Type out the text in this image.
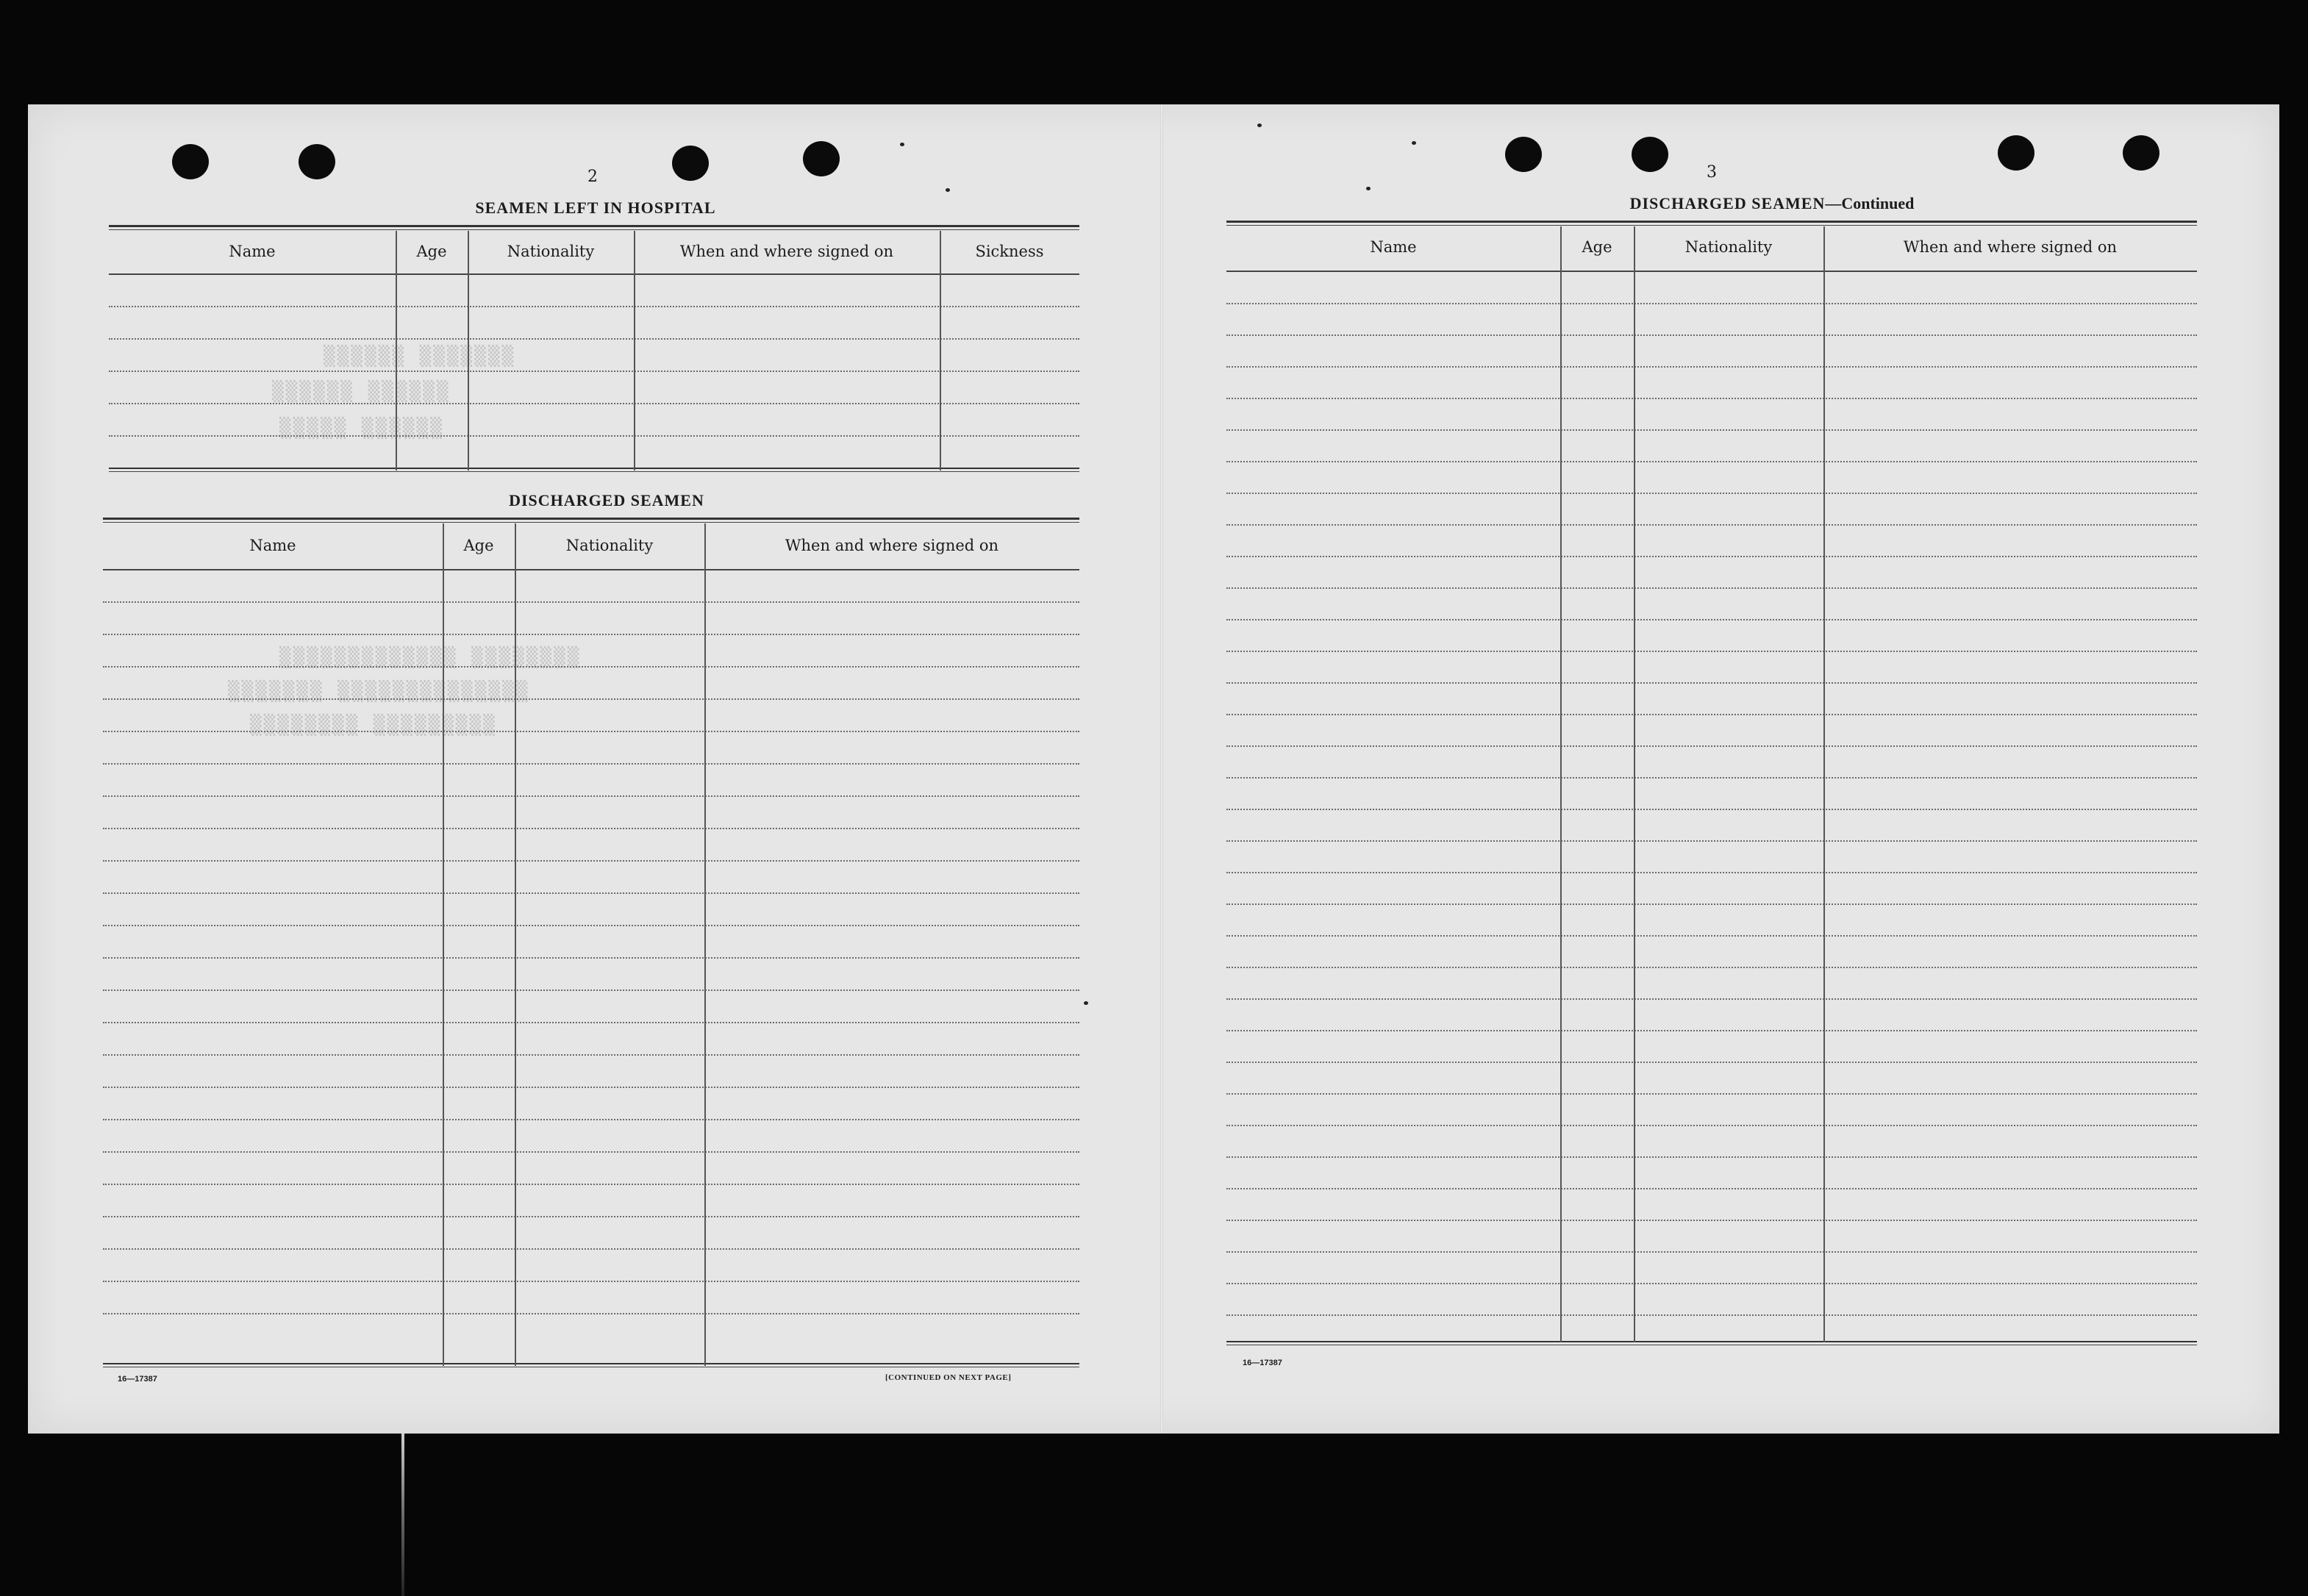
▒▒▒▒▒▒ ▒▒▒▒▒▒▒
▒▒▒▒▒▒ ▒▒▒▒▒▒
▒▒▒▒▒ ▒▒▒▒▒▒
▒▒▒▒▒▒▒▒▒▒▒▒▒ ▒▒▒▒▒▒▒▒
▒▒▒▒▒▒▒ ▒▒▒▒▒▒▒▒▒▒▒▒▒▒
▒▒▒▒▒▒▒▒ ▒▒▒▒▒▒▒▒▒
2
SEAMEN LEFT IN HOSPITAL
Name	Age	Nationality	When and where signed on	Sickness
DISCHARGED SEAMEN
Name	Age	Nationality	When and where signed on
16—17387	[CONTINUED ON NEXT PAGE]
3
DISCHARGED SEAMEN—Continued
Name	Age	Nationality	When and where signed on
16—17387
